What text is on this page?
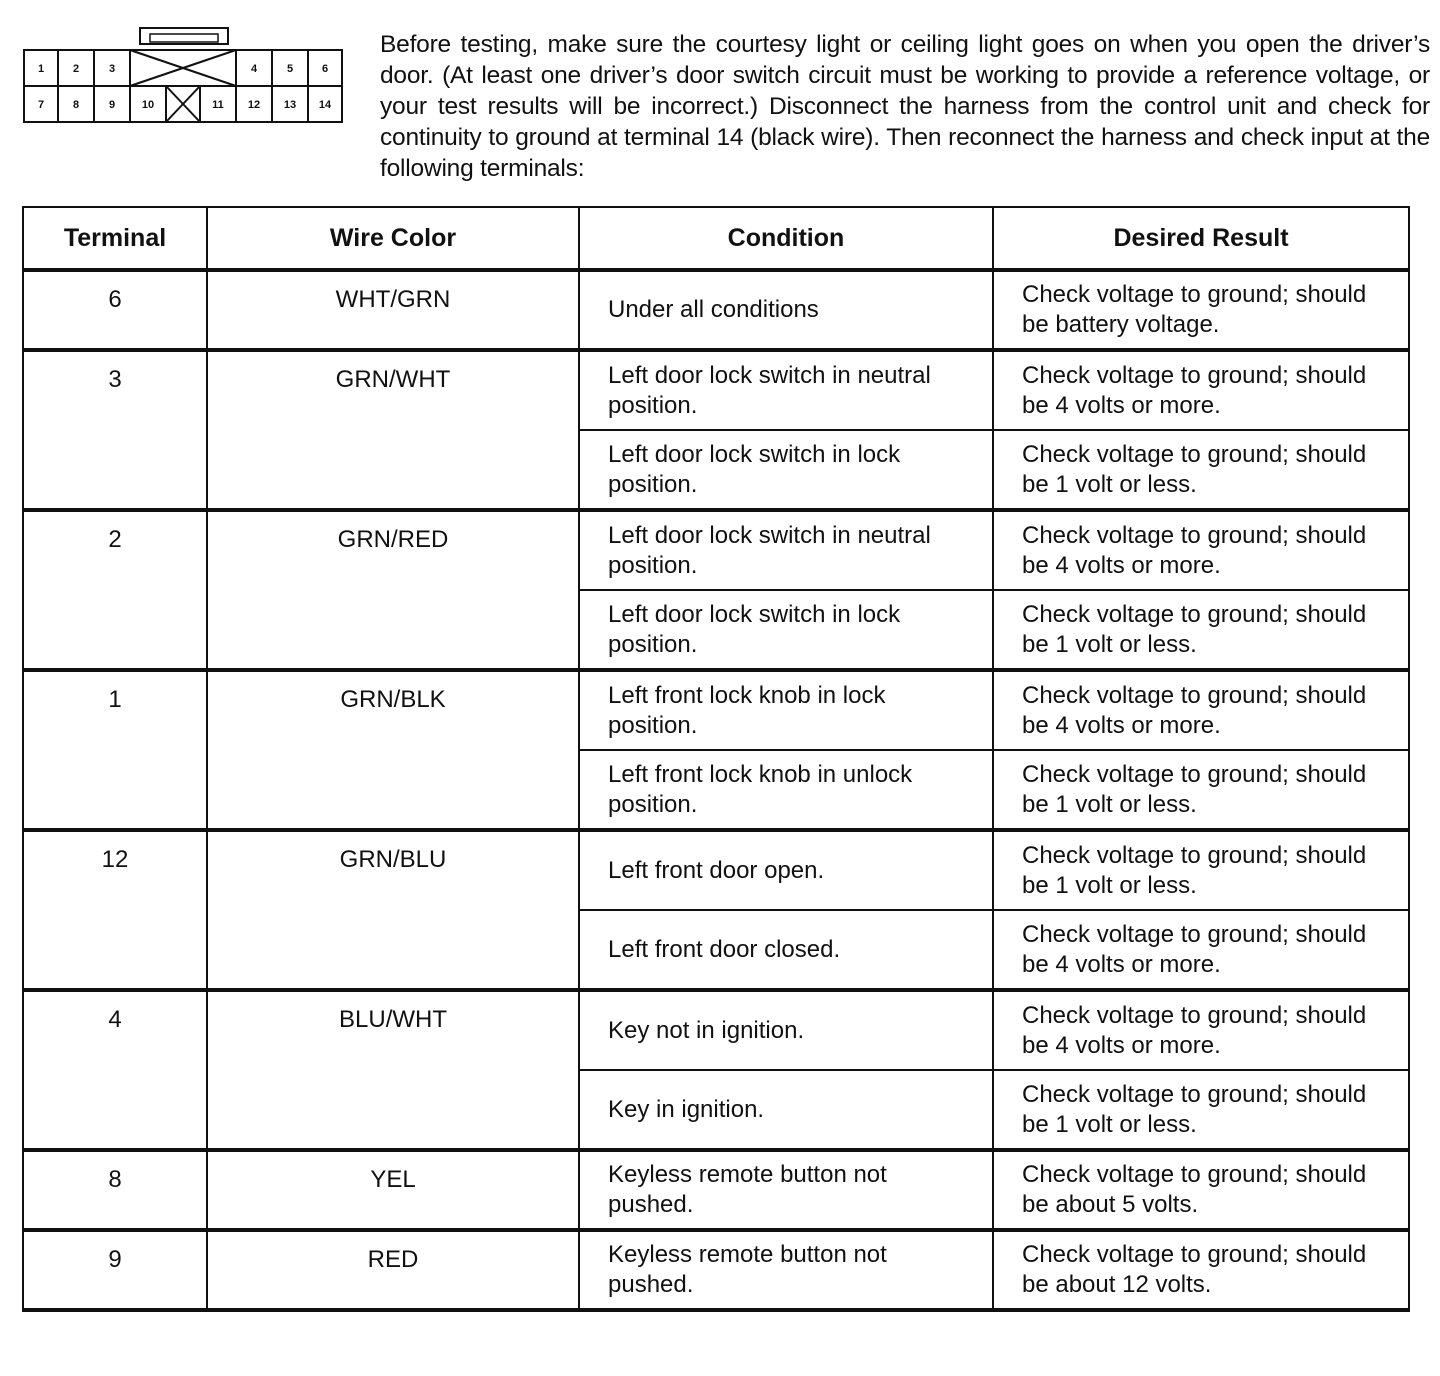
1	2	3	4	5	6
7	8	9 10	11 12 13 14

Before testing, make sure the courtesy light or ceiling light goes on when you open the driver’s door. (At least one driver’s door switch circuit must be working to provide a reference voltage, or your test results will be incorrect.) Disconnect the harness from the control unit and check for continuity to ground at terminal 14 (black wire). Then reconnect the harness and check input at the following terminals:

Terminal	Wire Color	Condition	Desired Result
6	WHT/GRN	Under all conditions	Check voltage to ground; should be battery voltage.
3	GRN/WHT	Left door lock switch in neutral position.	Check voltage to ground; should be 4 volts or more.
		Left door lock switch in lock position.	Check voltage to ground; should be 1 volt or less.
2	GRN/RED	Left door lock switch in neutral position.	Check voltage to ground; should be 4 volts or more.
		Left door lock switch in lock position.	Check voltage to ground; should be 1 volt or less.
1	GRN/BLK	Left front lock knob in lock position.	Check voltage to ground; should be 4 volts or more.
		Left front lock knob in unlock position.	Check voltage to ground; should be 1 volt or less.
12	GRN/BLU	Left front door open.	Check voltage to ground; should be 1 volt or less.
		Left front door closed.	Check voltage to ground; should be 4 volts or more.
4	BLU/WHT	Key not in ignition.	Check voltage to ground; should be 4 volts or more.
		Key in ignition.	Check voltage to ground; should be 1 volt or less.
8	YEL	Keyless remote button not pushed.	Check voltage to ground; should be about 5 volts.
9	RED	Keyless remote button not pushed.	Check voltage to ground; should be about 12 volts.
